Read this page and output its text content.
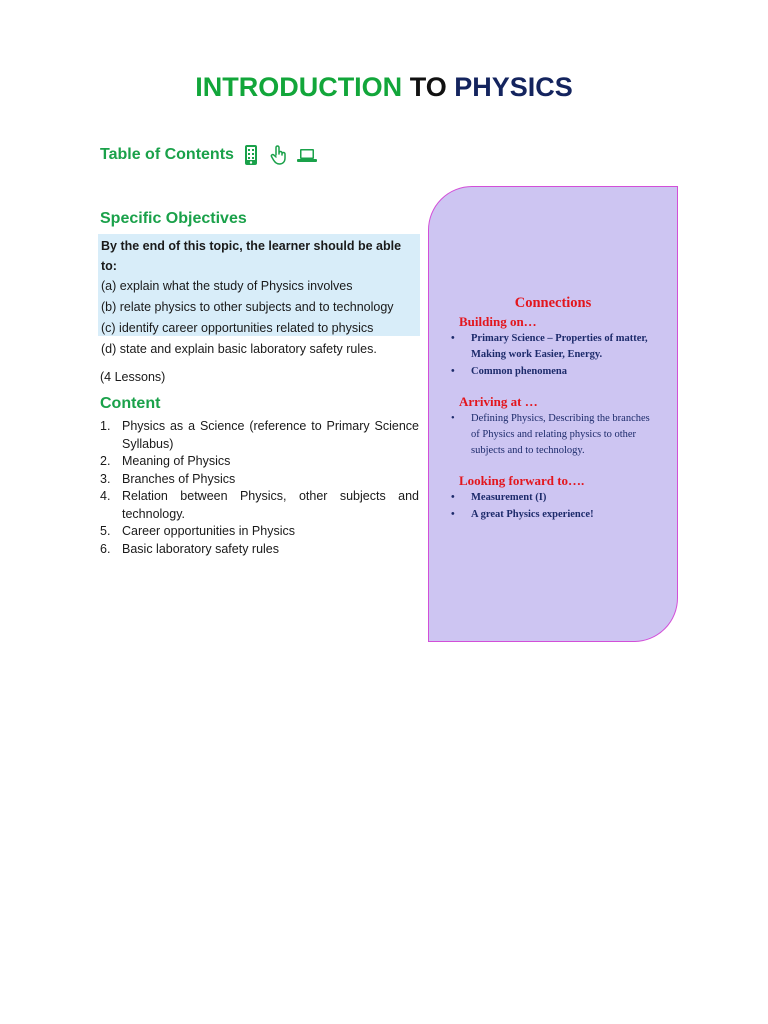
INTRODUCTION TO PHYSICS
Table of Contents
Specific Objectives
By the end of this topic, the learner should be able to:
(a) explain what the study of Physics involves
(b) relate physics to other subjects and to technology
(c) identify career opportunities related to physics
(d) state and explain basic laboratory safety rules.
(4 Lessons)
Content
1. Physics as a Science (reference to Primary Science Syllabus)
2. Meaning of Physics
3. Branches of Physics
4. Relation between Physics, other subjects and technology.
5. Career opportunities in Physics
6. Basic laboratory safety rules
Connections
Building on…
•	Primary Science – Properties of matter, Making work Easier, Energy.
•	Common phenomena
Arriving at …
•	Defining Physics, Describing the branches of Physics and relating physics to other subjects and to technology.
Looking forward to….
•	Measurement (I)
•	A great Physics experience!
